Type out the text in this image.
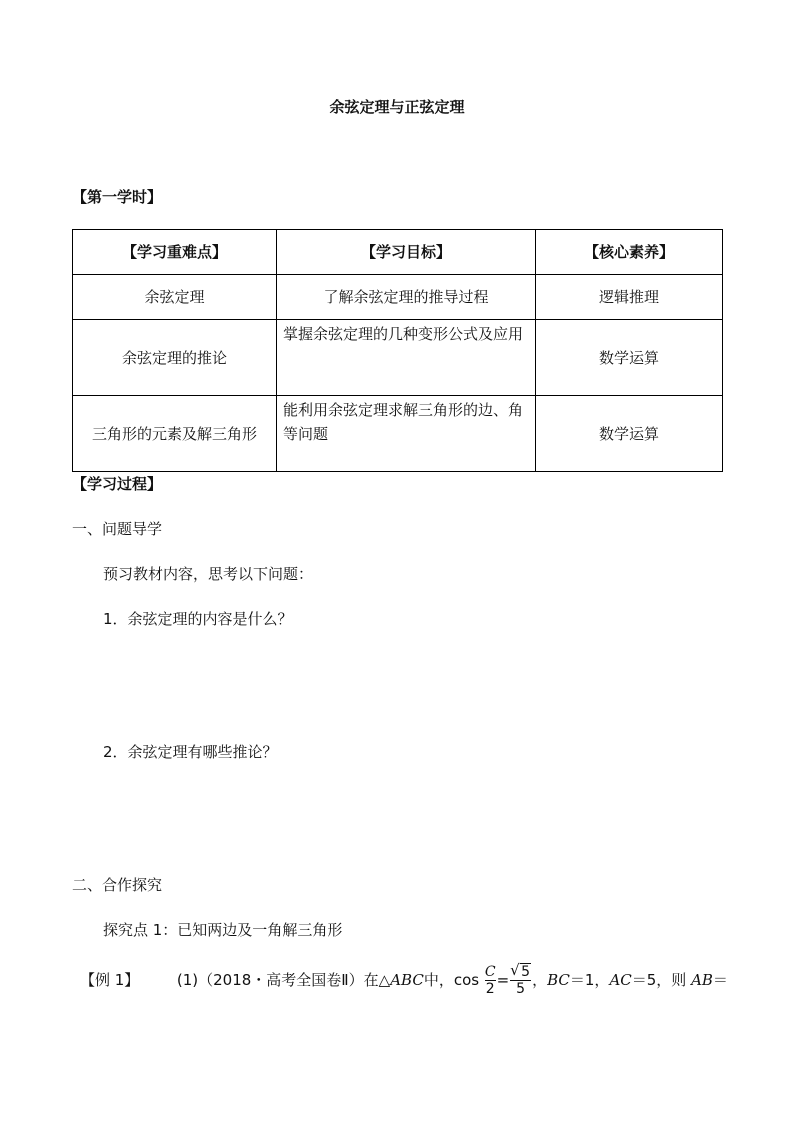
余弦定理与正弦定理
【第一学时】
【学习重难点】	【学习目标】	【核心素养】
余弦定理	了解余弦定理的推导过程	逻辑推理
余弦定理的推论	掌握余弦定理的几种变形公式及应用	数学运算
三角形的元素及解三角形	能利用余弦定理求解三角形的边、角等问题	数学运算
【学习过程】
一、问题导学
预习教材内容，思考以下问题：
1．余弦定理的内容是什么？
2．余弦定理有哪些推论？
二、合作探究
探究点 1：已知两边及一角解三角形
【例 1】	(1)（2018・高考全国卷Ⅱ）在△ABC中，$\cos \frac{C}{2} = \frac{√ 5}{5}$ ，BC＝1，AC＝5，则 AB＝
